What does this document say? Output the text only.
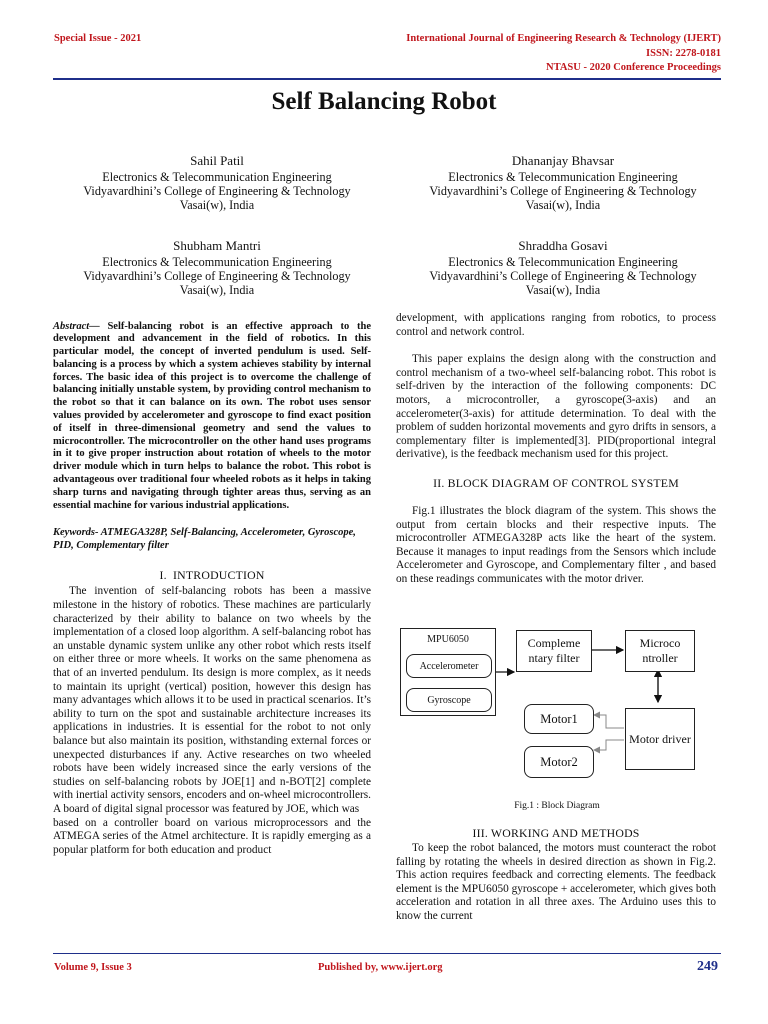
Special Issue - 2021	International Journal of Engineering Research & Technology (IJERT)
ISSN: 2278-0181
NTASU - 2020 Conference Proceedings
Self Balancing Robot
Sahil Patil
Electronics & Telecommunication Engineering
Vidyavardhini’s College of Engineering & Technology
Vasai(w), India
Dhananjay Bhavsar
Electronics & Telecommunication Engineering
Vidyavardhini’s College of Engineering & Technology
Vasai(w), India
Shubham Mantri
Electronics & Telecommunication Engineering
Vidyavardhini’s College of Engineering & Technology
Vasai(w), India
Shraddha Gosavi
Electronics & Telecommunication Engineering
Vidyavardhini’s College of Engineering & Technology
Vasai(w), India

Abstract— Self-balancing robot is an effective approach to the development and advancement in the field of robotics. In this particular model, the concept of inverted pendulum is used. Self-balancing is a process by which a system achieves stability by internal forces. The basic idea of this project is to overcome the challenge of balancing initially unstable system, by providing control mechanism to the robot so that it can balance on its own. The robot uses sensor values provided by accelerometer and gyroscope to find exact position of itself in three-dimensional geometry and send the values to microcontroller. The microcontroller on the other hand uses programs in it to give proper instruction about rotation of wheels to the motor driver module which in turn helps to balance the robot. This robot is advantageous over traditional four wheeled robots as it helps in taking sharp turns and navigating through tighter areas thus, serving as an essential machine for various industrial applications.

Keywords- ATMEGA328P, Self-Balancing, Accelerometer, Gyroscope, PID, Complementary filter

I. INTRODUCTION
The invention of self-balancing robots has been a massive milestone in the history of robotics. These machines are particularly characterized by their ability to balance on two wheels by the implementation of a closed loop algorithm. A self-balancing robot has an unstable dynamic system unlike any other robot which rests itself on either three or more wheels. It works on the same phenomena as that of an inverted pendulum. Its design is more complex, as it needs to maintain its upright (vertical) position, however this design has many advantages which allows it to be used in practical scenarios. It’s ability to turn on the spot and sustainable architecture increases its applications in industries. It is essential for the robot to not only balance but also maintain its position, withstanding external forces or unexpected disturbances if any. Active researches on two wheeled robots have been widely increased since the early versions of the studies on self-balancing robots by JOE[1] and n-BOT[2] complete with inertial activity sensors, encoders and on-wheel microcontrollers. A board of digital signal processor was featured by JOE, which was
based on a controller board on various microprocessors and the ATMEGA series of the Atmel architecture. It is rapidly emerging as a popular platform for both education and product
development, with applications ranging from robotics, to process control and network control.
This paper explains the design along with the construction and control mechanism of a two-wheel self-balancing robot. This robot is self-driven by the interaction of the following components: DC motors, a microcontroller, a gyroscope(3-axis) and an accelerometer(3-axis) for attitude determination. To deal with the problem of sudden horizontal movements and gyro drifts in sensors, a complementary filter is implemented[3]. PID(proportional integral derivative), is the feedback mechanism used for this project.
II. BLOCK DIAGRAM OF CONTROL SYSTEM
Fig.1 illustrates the block diagram of the system. This shows the output from certain blocks and their respective inputs. The microcontroller ATMEGA328P acts like the heart of the system. Because it manages to input readings from the Sensors which include Accelerometer and Gyroscope, and Complementary filter , and based on these readings communicates with the motor driver.
MPU6050
Accelerometer
Gyroscope
Compleme ntary filter
Microco ntroller
Motor1
Motor2
Motor driver
Fig.1 : Block Diagram
III. WORKING AND METHODS
To keep the robot balanced, the motors must counteract the robot falling by rotating the wheels in desired direction as shown in Fig.2. This action requires feedback and correcting elements. The feedback element is the MPU6050 gyroscope + accelerometer, which gives both acceleration and rotation in all three axes. The Arduino uses this to know the current
Volume 9, Issue 3	Published by, www.ijert.org	249
